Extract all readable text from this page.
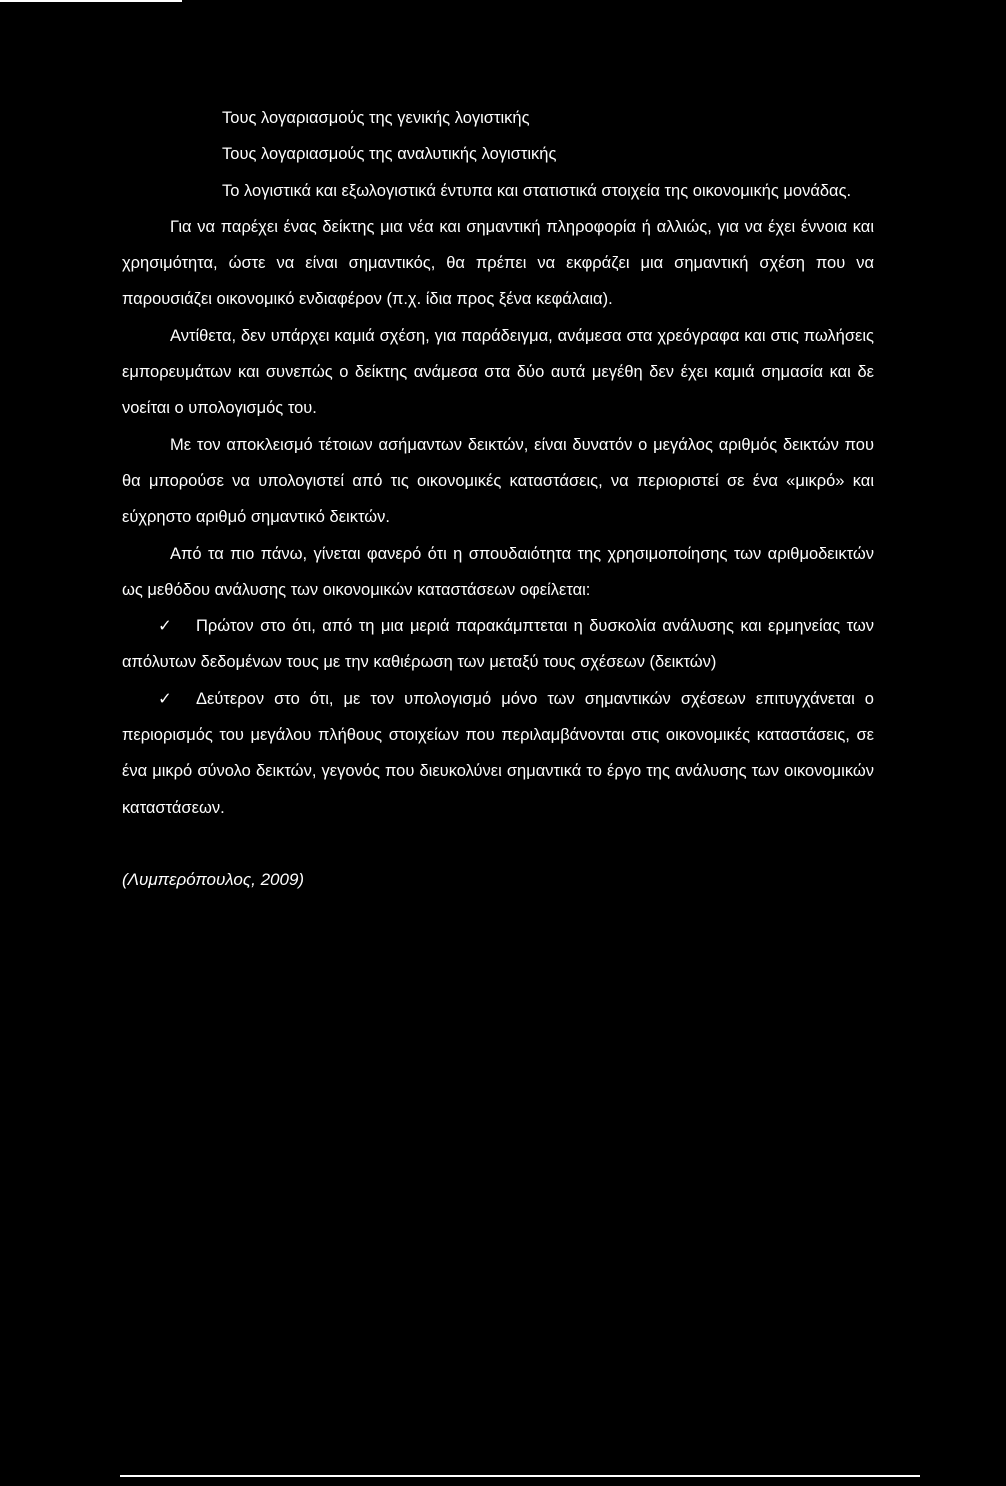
Τους λογαριασμούς της γενικής λογιστικής

Τους λογαριασμούς της αναλυτικής λογιστικής

Το λογιστικά και εξωλογιστικά έντυπα και στατιστικά στοιχεία της οικονομικής μονάδας.

Για να παρέχει ένας δείκτης μια νέα και σημαντική πληροφορία ή αλλιώς, για να έχει έννοια και χρησιμότητα, ώστε να είναι σημαντικός, θα πρέπει να εκφράζει μια σημαντική σχέση που να παρουσιάζει οικονομικό ενδιαφέρον (π.χ. ίδια προς ξένα κεφάλαια).

Αντίθετα, δεν υπάρχει καμιά σχέση, για παράδειγμα, ανάμεσα στα χρεόγραφα και στις πωλήσεις εμπορευμάτων και συνεπώς ο δείκτης ανάμεσα στα δύο αυτά μεγέθη δεν έχει καμιά σημασία και δε νοείται ο υπολογισμός του.

Με τον αποκλεισμό τέτοιων ασήμαντων δεικτών, είναι δυνατόν ο μεγάλος αριθμός δεικτών που θα μπορούσε να υπολογιστεί από τις οικονομικές καταστάσεις, να περιοριστεί σε ένα «μικρό» και εύχρηστο αριθμό σημαντικό δεικτών.

Από τα πιο πάνω, γίνεται φανερό ότι η σπουδαιότητα της χρησιμοποίησης των αριθμοδεικτών ως μεθόδου ανάλυσης των οικονομικών καταστάσεων οφείλεται:

✓ Πρώτον στο ότι, από τη μια μεριά παρακάμπτεται η δυσκολία ανάλυσης και ερμηνείας των απόλυτων δεδομένων τους με την καθιέρωση των μεταξύ τους σχέσεων (δεικτών)

✓ Δεύτερον στο ότι, με τον υπολογισμό μόνο των σημαντικών σχέσεων επιτυγχάνεται ο περιορισμός του μεγάλου πλήθους στοιχείων που περιλαμβάνονται στις οικονομικές καταστάσεις, σε ένα μικρό σύνολο δεικτών, γεγονός που διευκολύνει σημαντικά το έργο της ανάλυσης των οικονομικών καταστάσεων.

(Λυμπερόπουλος, 2009)
